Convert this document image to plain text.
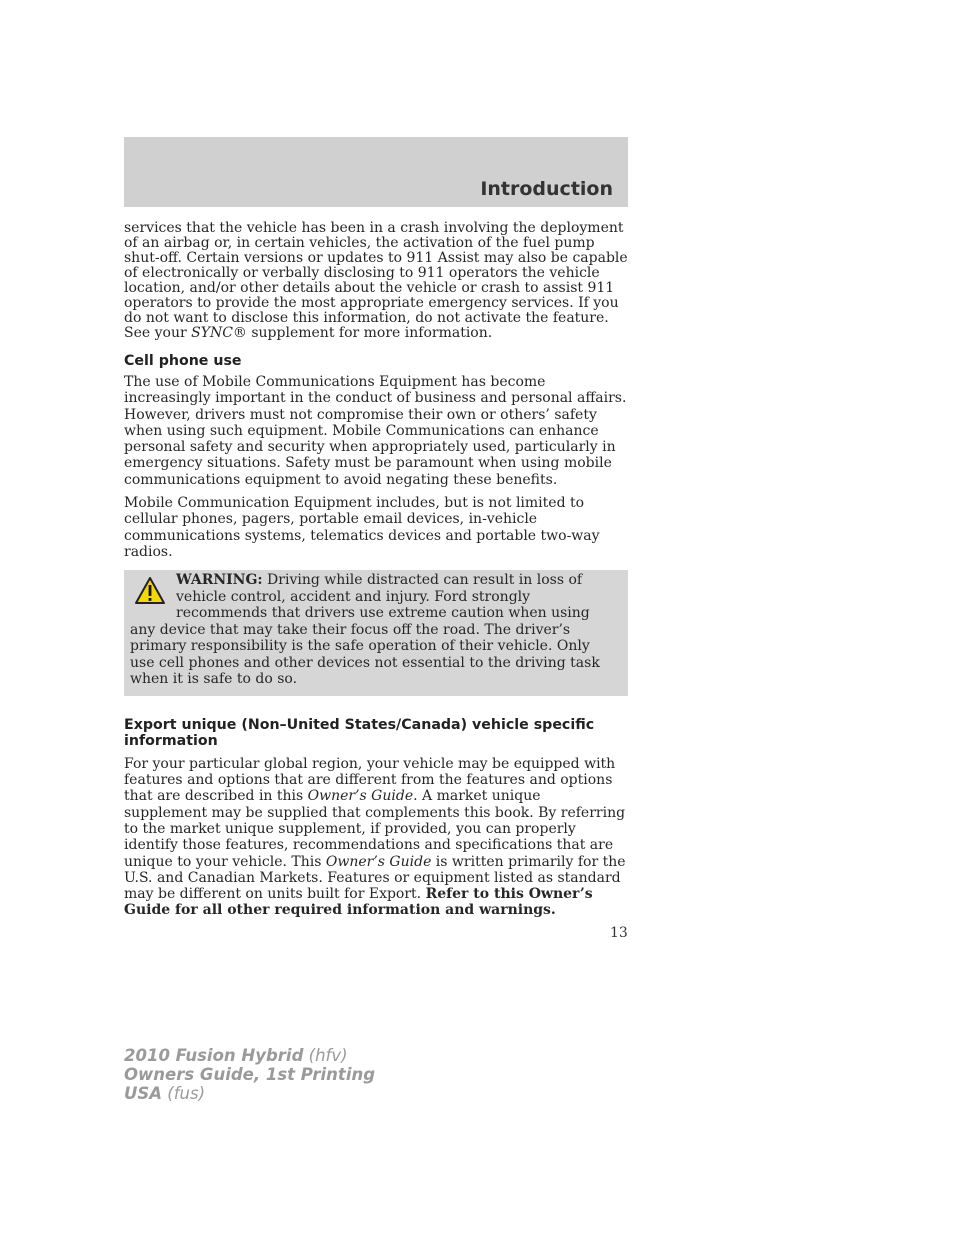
Introduction

services that the vehicle has been in a crash involving the deployment of an airbag or, in certain vehicles, the activation of the fuel pump shut-off. Certain versions or updates to 911 Assist may also be capable of electronically or verbally disclosing to 911 operators the vehicle location, and/or other details about the vehicle or crash to assist 911 operators to provide the most appropriate emergency services. If you do not want to disclose this information, do not activate the feature. See your SYNC® supplement for more information.

Cell phone use

The use of Mobile Communications Equipment has become increasingly important in the conduct of business and personal affairs. However, drivers must not compromise their own or others’ safety when using such equipment. Mobile Communications can enhance personal safety and security when appropriately used, particularly in emergency situations. Safety must be paramount when using mobile communications equipment to avoid negating these benefits.

Mobile Communication Equipment includes, but is not limited to cellular phones, pagers, portable email devices, in-vehicle communications systems, telematics devices and portable two-way radios.

WARNING: Driving while distracted can result in loss of vehicle control, accident and injury. Ford strongly recommends that drivers use extreme caution when using any device that may take their focus off the road. The driver’s primary responsibility is the safe operation of their vehicle. Only use cell phones and other devices not essential to the driving task when it is safe to do so.

Export unique (Non–United States/Canada) vehicle specific information

For your particular global region, your vehicle may be equipped with features and options that are different from the features and options that are described in this Owner’s Guide. A market unique supplement may be supplied that complements this book. By referring to the market unique supplement, if provided, you can properly identify those features, recommendations and specifications that are unique to your vehicle. This Owner’s Guide is written primarily for the U.S. and Canadian Markets. Features or equipment listed as standard may be different on units built for Export. Refer to this Owner’s Guide for all other required information and warnings.

13
2010 Fusion Hybrid (hfv)
Owners Guide, 1st Printing
USA (fus)
